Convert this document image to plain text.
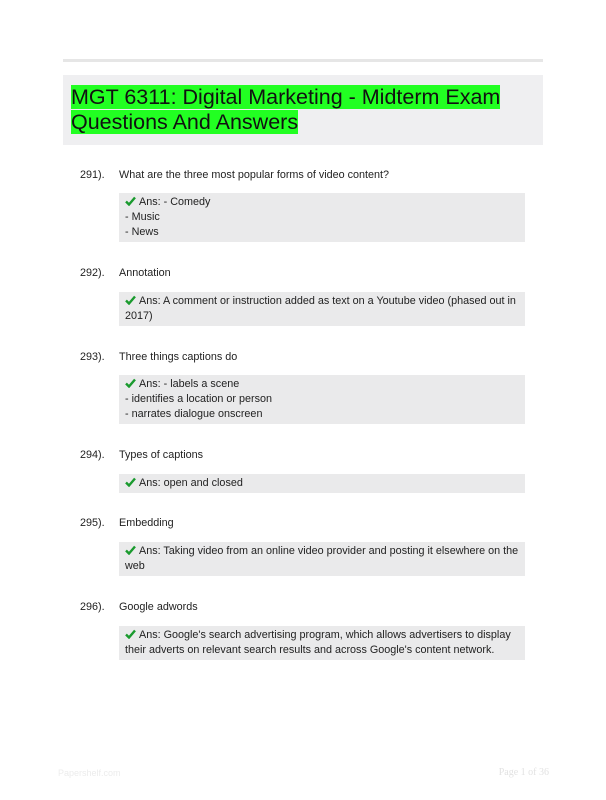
MGT 6311: Digital Marketing - Midterm Exam Questions And Answers
291). What are the three most popular forms of video content?
Ans: - Comedy
- Music
- News
292). Annotation
Ans: A comment or instruction added as text on a Youtube video (phased out in 2017)
293). Three things captions do
Ans: - labels a scene
- identifies a location or person
- narrates dialogue onscreen
294). Types of captions
Ans: open and closed
295). Embedding
Ans: Taking video from an online video provider and posting it elsewhere on the web
296). Google adwords
Ans: Google's search advertising program, which allows advertisers to display their adverts on relevant search results and across Google's content network.
Papershelf.com	Page 1 of 36
